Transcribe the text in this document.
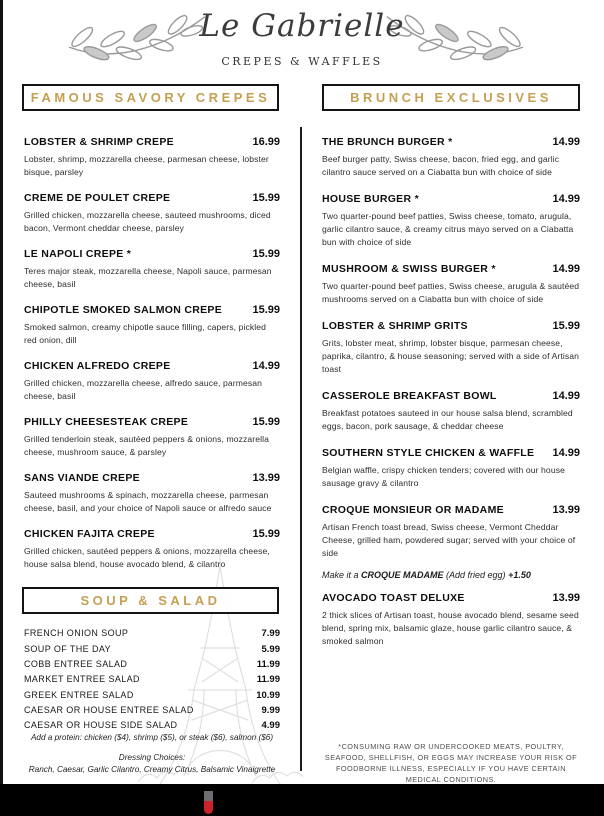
Le Gabrielle
CREPES & WAFFLES
FAMOUS SAVORY CREPES	BRUNCH EXCLUSIVES
LOBSTER & SHRIMP CREPE	16.99

Lobster, shrimp, mozzarella cheese, parmesan cheese, lobster bisque, parsley

CREME DE POULET CREPE	15.99

Grilled chicken, mozzarella cheese, sauteed mushrooms, diced bacon, Vermont cheddar cheese, parsley

LE NAPOLI CREPE *	15.99

Teres major steak, mozzarella cheese, Napoli sauce, parmesan cheese, basil

CHIPOTLE SMOKED SALMON CREPE	15.99

Smoked salmon, creamy chipotle sauce filling, capers, pickled red onion, dill

CHICKEN ALFREDO CREPE	14.99

Grilled chicken, mozzarella cheese, alfredo sauce, parmesan cheese, basil

PHILLY CHEESESTEAK CREPE	15.99

Grilled tenderloin steak, sautéed peppers & onions, mozzarella cheese, mushroom sauce, & parsley

SANS VIANDE CREPE	13.99

Sauteed mushrooms & spinach, mozzarella cheese, parmesan cheese, basil, and your choice of Napoli sauce or alfredo sauce

CHICKEN FAJITA CREPE	15.99

Grilled chicken, sautéed peppers & onions, mozzarella cheese, house salsa blend, house avocado blend, & cilantro

SOUP & SALAD
FRENCH ONION SOUP	7.99
SOUP OF THE DAY	5.99
COBB ENTREE SALAD	11.99
MARKET ENTREE SALAD	11.99
GREEK ENTREE SALAD	10.99
CAESAR OR HOUSE ENTREE SALAD	9.99
CAESAR OR HOUSE SIDE SALAD	4.99
Add a protein: chicken ($4), shrimp ($5), or steak ($6), salmon ($6)
Dressing Choices:
Ranch, Caesar, Garlic Cilantro, Creamy Citrus, Balsamic Vinaigrette
THE BRUNCH BURGER *	14.99

Beef burger patty, Swiss cheese, bacon, fried egg, and garlic cilantro sauce served on a Ciabatta bun with choice of side

HOUSE BURGER *	14.99

Two quarter-pound beef patties, Swiss cheese, tomato, arugula, garlic cilantro sauce, & creamy citrus mayo served on a Ciabatta bun with choice of side

MUSHROOM & SWISS BURGER *	14.99

Two quarter-pound beef patties, Swiss cheese, arugula & sautéed mushrooms served on a Ciabatta bun with choice of side

LOBSTER & SHRIMP GRITS	15.99

Grits, lobster meat, shrimp, lobster bisque, parmesan cheese, paprika, cilantro, & house seasoning; served with a side of Artisan toast

CASSEROLE BREAKFAST BOWL	14.99

Breakfast potatoes sauteed in our house salsa blend, scrambled eggs, bacon, pork sausage, & cheddar cheese

SOUTHERN STYLE CHICKEN & WAFFLE	14.99

Belgian waffle, crispy chicken tenders; covered with our house sausage gravy & cilantro

CROQUE MONSIEUR OR MADAME	13.99

Artisan French toast bread, Swiss cheese, Vermont Cheddar Cheese, grilled ham, powdered sugar; served with your choice of side

Make it a CROQUE MADAME (Add fried egg) +1.50

AVOCADO TOAST DELUXE	13.99

2 thick slices of Artisan toast, house avocado blend, sesame seed blend, spring mix, balsamic glaze, house garlic cilantro sauce, & smoked salmon

*CONSUMING RAW OR UNDERCOOKED MEATS, POULTRY, SEAFOOD, SHELLFISH, OR EGGS MAY INCREASE YOUR RISK OF FOODBORNE ILLNESS, ESPECIALLY IF YOU HAVE CERTAIN MEDICAL CONDITIONS.
